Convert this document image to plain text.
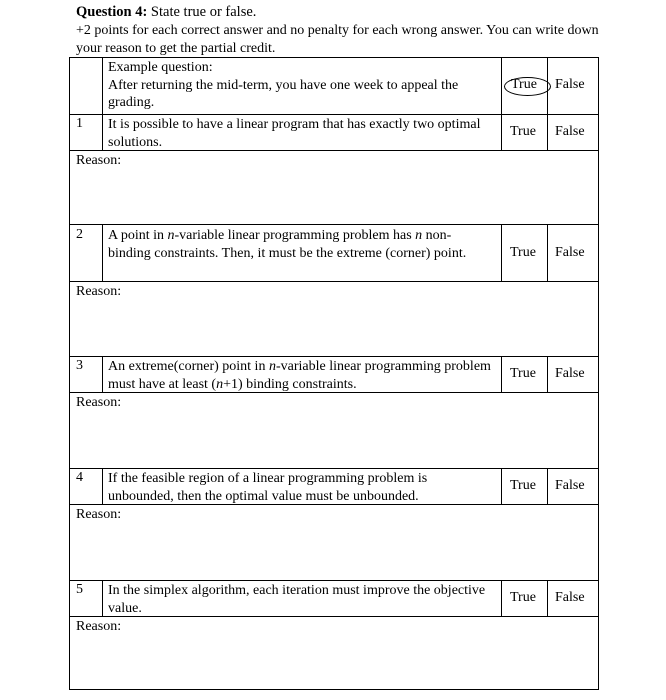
Question 4: State true or false.
+2 points for each correct answer and no penalty for each wrong answer. You can write down your reason to get the partial credit.
Example question:
After returning the mid-term, you have one week to appeal the grading.
True False
1 It is possible to have a linear program that has exactly two optimal solutions.
True False
Reason:
2 A point in n-variable linear programming problem has n non-binding constraints. Then, it must be the extreme (corner) point.	True False
Reason:
3 An extreme(corner) point in n-variable linear programming problem must have at least (n+1) binding constraints.
True False
Reason:
4 If the feasible region of a linear programming problem is unbounded, then the optimal value must be unbounded.
True False
Reason:
5 In the simplex algorithm, each iteration must improve the objective value.
True False
Reason:
